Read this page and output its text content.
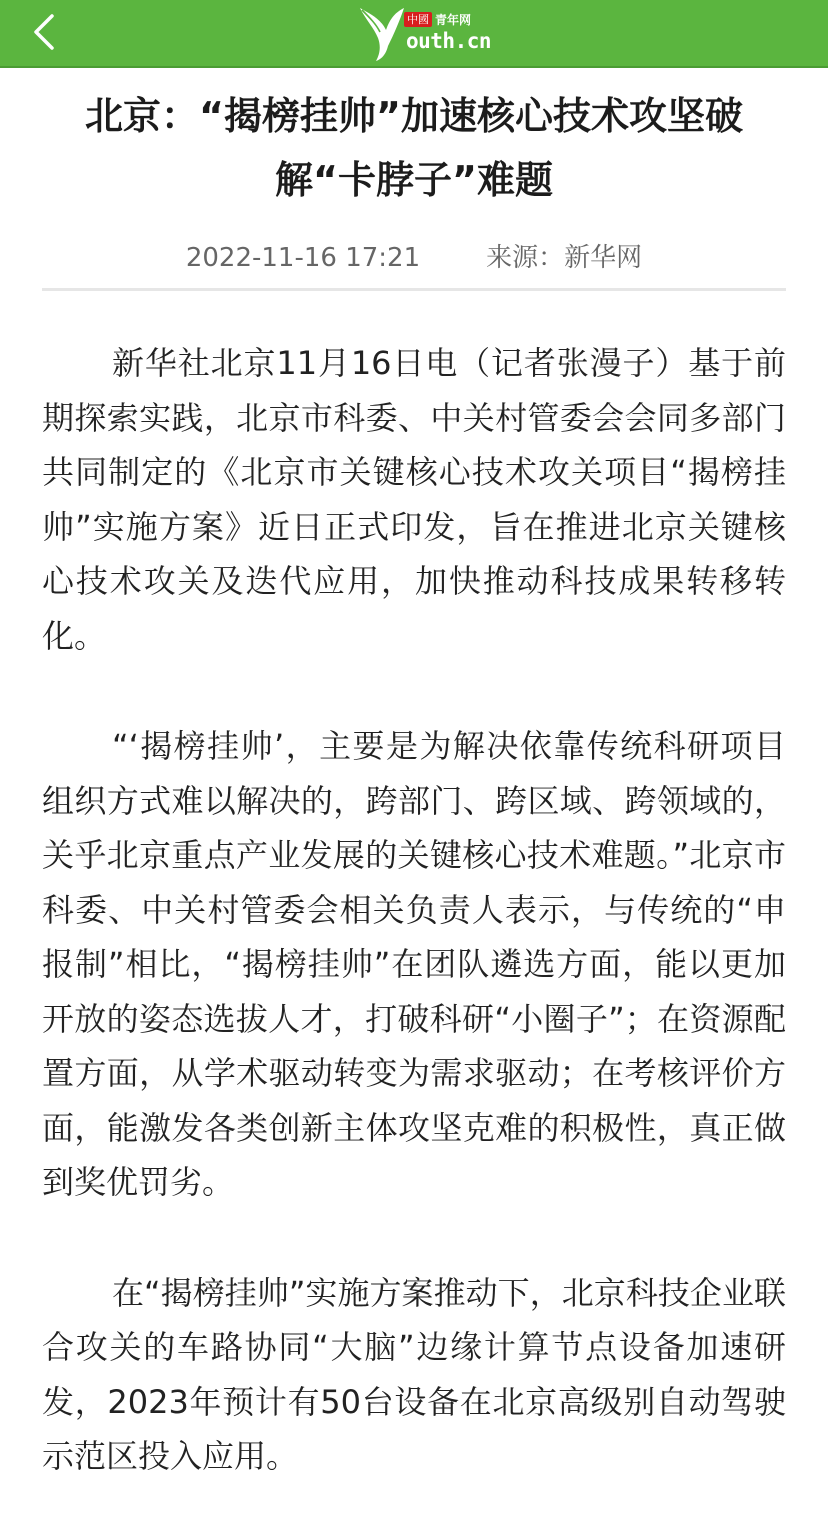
中國 青年网
outh.cn
北京：“揭榜挂帅”加速核心技术攻坚破解“卡脖子”难题
2022-11-16 17:21	来源：新华网

新华社北京11月16日电（记者张漫子）基于前期探索实践，北京市科委、中关村管委会会同多部门共同制定的《北京市关键核心技术攻关项目“揭榜挂帅”实施方案》近日正式印发，旨在推进北京关键核心技术攻关及迭代应用，加快推动科技成果转移转化。

“‘揭榜挂帅’，主要是为解决依靠传统科研项目组织方式难以解决的，跨部门、跨区域、跨领域的，关乎北京重点产业发展的关键核心技术难题。”北京市科委、中关村管委会相关负责人表示，与传统的“申报制”相比，“揭榜挂帅”在团队遴选方面，能以更加开放的姿态选拔人才，打破科研“小圈子”；在资源配置方面，从学术驱动转变为需求驱动；在考核评价方面，能激发各类创新主体攻坚克难的积极性，真正做到奖优罚劣。

在“揭榜挂帅”实施方案推动下，北京科技企业联合攻关的车路协同“大脑”边缘计算节点设备加速研发，2023年预计有50台设备在北京高级别自动驾驶示范区投入应用。
